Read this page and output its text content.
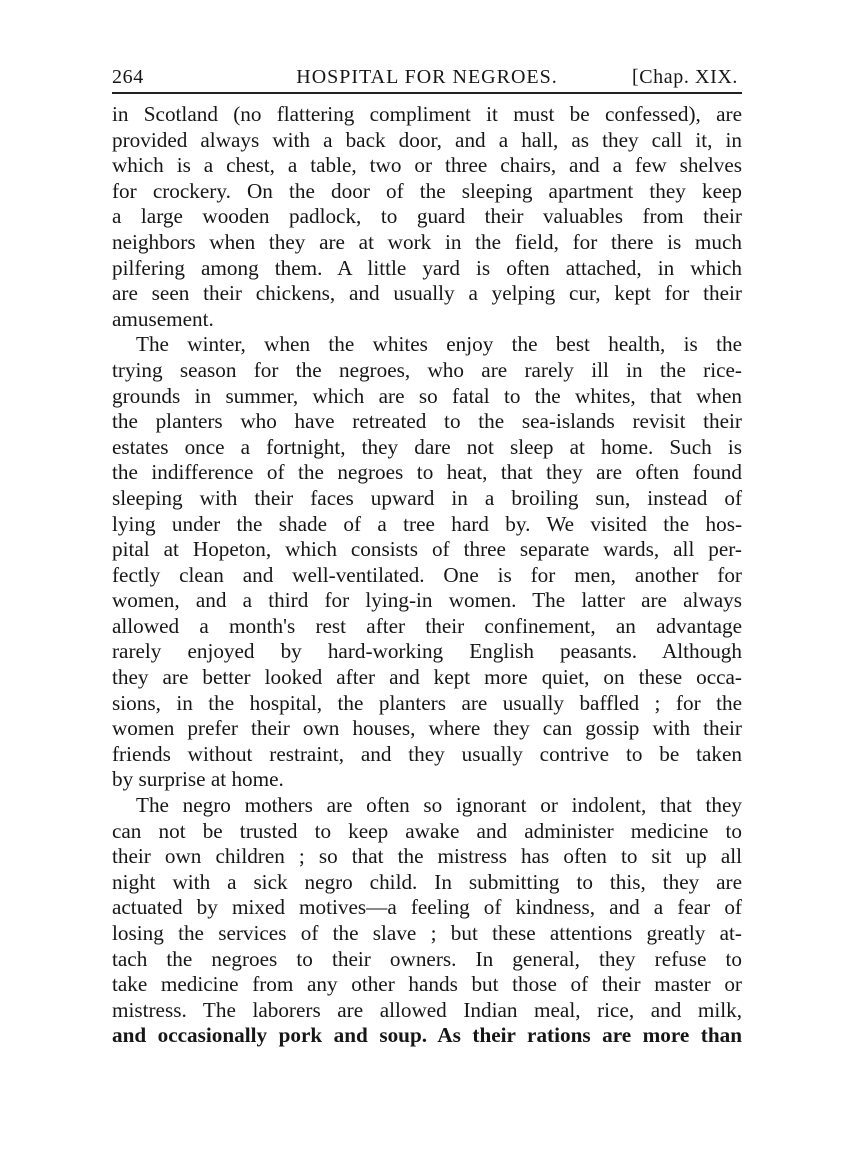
264	HOSPITAL FOR NEGROES.	[Chap. XIX.
in Scotland (no flattering compliment it must be confessed), are
provided always with a back door, and a hall, as they call it, in
which is a chest, a table, two or three chairs, and a few shelves
for crockery. On the door of the sleeping apartment they keep
a large wooden padlock, to guard their valuables from their
neighbors when they are at work in the field, for there is much
pilfering among them. A little yard is often attached, in which
are seen their chickens, and usually a yelping cur, kept for their
amusement.
The winter, when the whites enjoy the best health, is the
trying season for the negroes, who are rarely ill in the rice-
grounds in summer, which are so fatal to the whites, that when
the planters who have retreated to the sea-islands revisit their
estates once a fortnight, they dare not sleep at home. Such is
the indifference of the negroes to heat, that they are often found
sleeping with their faces upward in a broiling sun, instead of
lying under the shade of a tree hard by. We visited the hos-
pital at Hopeton, which consists of three separate wards, all per-
fectly clean and well-ventilated. One is for men, another for
women, and a third for lying-in women. The latter are always
allowed a month's rest after their confinement, an advantage
rarely enjoyed by hard-working English peasants. Although
they are better looked after and kept more quiet, on these occa-
sions, in the hospital, the planters are usually baffled ; for the
women prefer their own houses, where they can gossip with their
friends without restraint, and they usually contrive to be taken
by surprise at home.
The negro mothers are often so ignorant or indolent, that they
can not be trusted to keep awake and administer medicine to
their own children ; so that the mistress has often to sit up all
night with a sick negro child. In submitting to this, they are
actuated by mixed motives—a feeling of kindness, and a fear of
losing the services of the slave ; but these attentions greatly at-
tach the negroes to their owners. In general, they refuse to
take medicine from any other hands but those of their master or
mistress. The laborers are allowed Indian meal, rice, and milk,
and occasionally pork and soup. As their rations are more than
